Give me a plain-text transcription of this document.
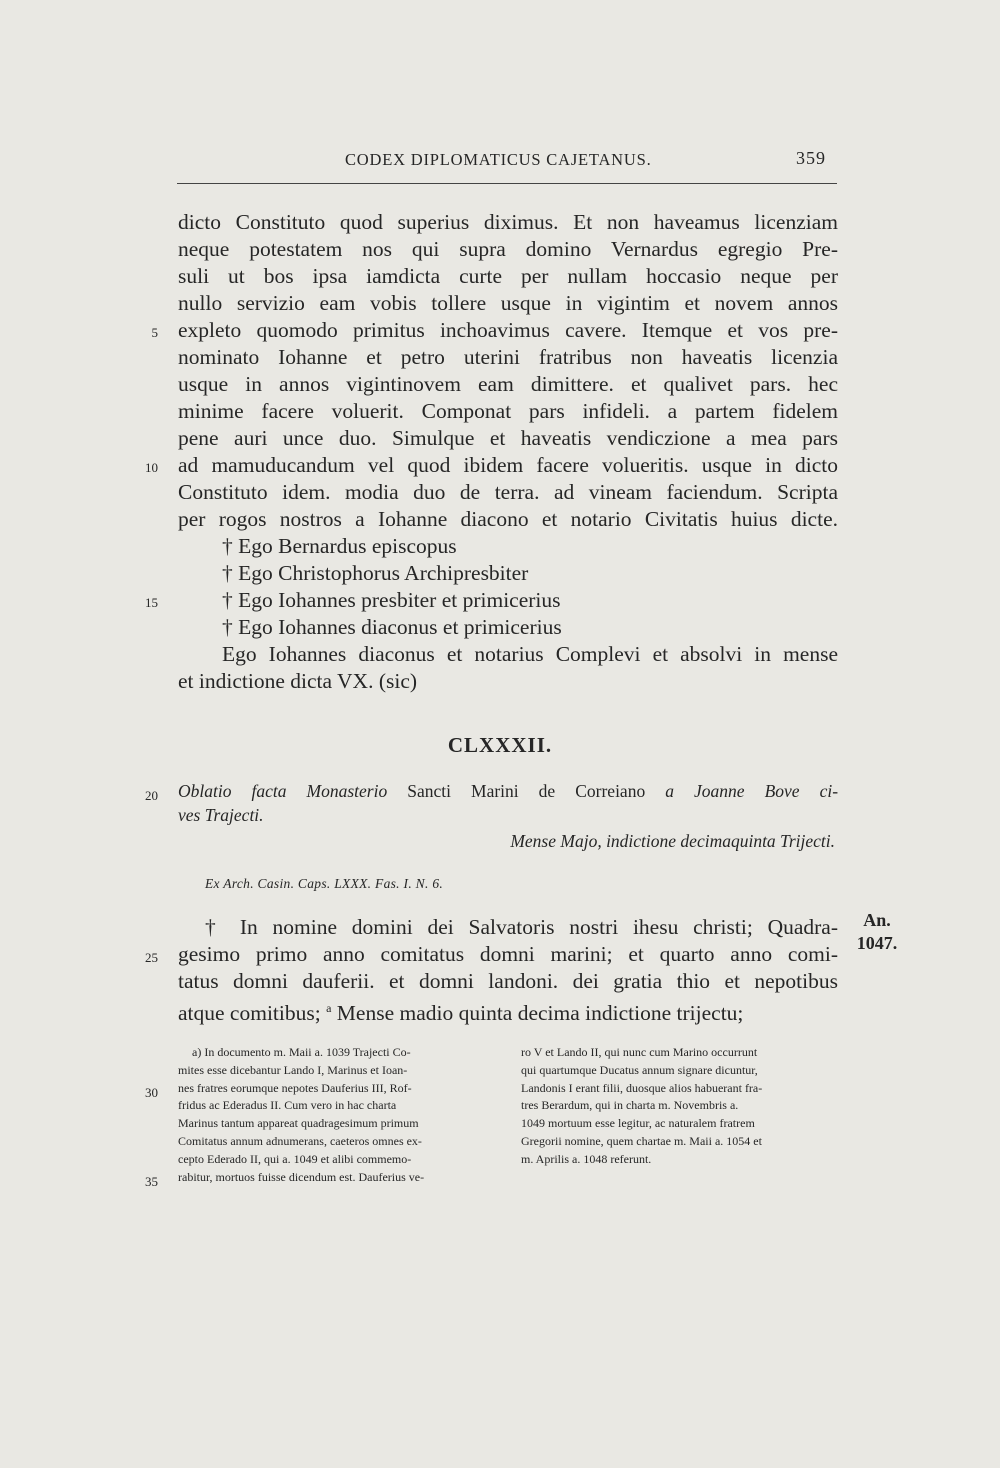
CODEX DIPLOMATICUS CAJETANUS.	359
dicto Constituto quod superius diximus. Et non haveamus licenziam
neque potestatem nos qui supra domino Vernardus egregio Pre-
suli ut bos ipsa iamdicta curte per nullam hoccasio neque per
nullo servizio eam vobis tollere usque in vigintim et novem annos
expleto quomodo primitus inchoavimus cavere. Itemque et vos pre-
nominato Iohanne et petro uterini fratribus non haveatis licenzia
usque in annos vigintinovem eam dimittere. et qualivet pars. hec
minime facere voluerit. Componat pars infideli. a partem fidelem
pene auri unce duo. Simulque et haveatis vendiczione a mea pars
ad mamuducandum vel quod ibidem facere volueritis. usque in dicto
Constituto idem. modia duo de terra. ad vineam faciendum. Scripta
per rogos nostros a Iohanne diacono et notario Civitatis huius dicte.
† Ego Bernardus episcopus
† Ego Christophorus Archipresbiter
† Ego Iohannes presbiter et primicerius
† Ego Iohannes diaconus et primicerius
Ego Iohannes diaconus et notarius Complevi et absolvi in mense
et indictione dicta VX. (sic)
5
10
15
20
25
30
35
CLXXXII.
Oblatio facta Monasterio Sancti Marini de Correiano a Joanne Bove ci-
ves Trajecti.
Mense Majo, indictione decimaquinta Trijecti.
Ex Arch. Casin. Caps. LXXX. Fas. I. N. 6.
† In nomine domini dei Salvatoris nostri ihesu christi; Quadra-
gesimo primo anno comitatus domni marini; et quarto anno comi-
tatus domni dauferii. et domni landoni. dei gratia thio et nepotibus
atque comitibus; $^a$ Mense madio quinta decima indictione trijectu;
An.
1047.
a) In documento m. Maii a. 1039 Trajecti Co-
mites esse dicebantur Lando I, Marinus et Ioan-
nes fratres eorumque nepotes Dauferius III, Rof-
fridus ac Ederadus II. Cum vero in hac charta
Marinus tantum appareat quadragesimum primum
Comitatus annum adnumerans, caeteros omnes ex-
cepto Ederado II, qui a. 1049 et alibi commemo-
rabitur, mortuos fuisse dicendum est. Dauferius ve-
ro V et Lando II, qui nunc cum Marino occurrunt
qui quartumque Ducatus annum signare dicuntur,
Landonis I erant filii, duosque alios habuerant fra-
tres Berardum, qui in charta m. Novembris a.
1049 mortuum esse legitur, ac naturalem fratrem
Gregorii nomine, quem chartae m. Maii a. 1054 et
m. Aprilis a. 1048 referunt.
